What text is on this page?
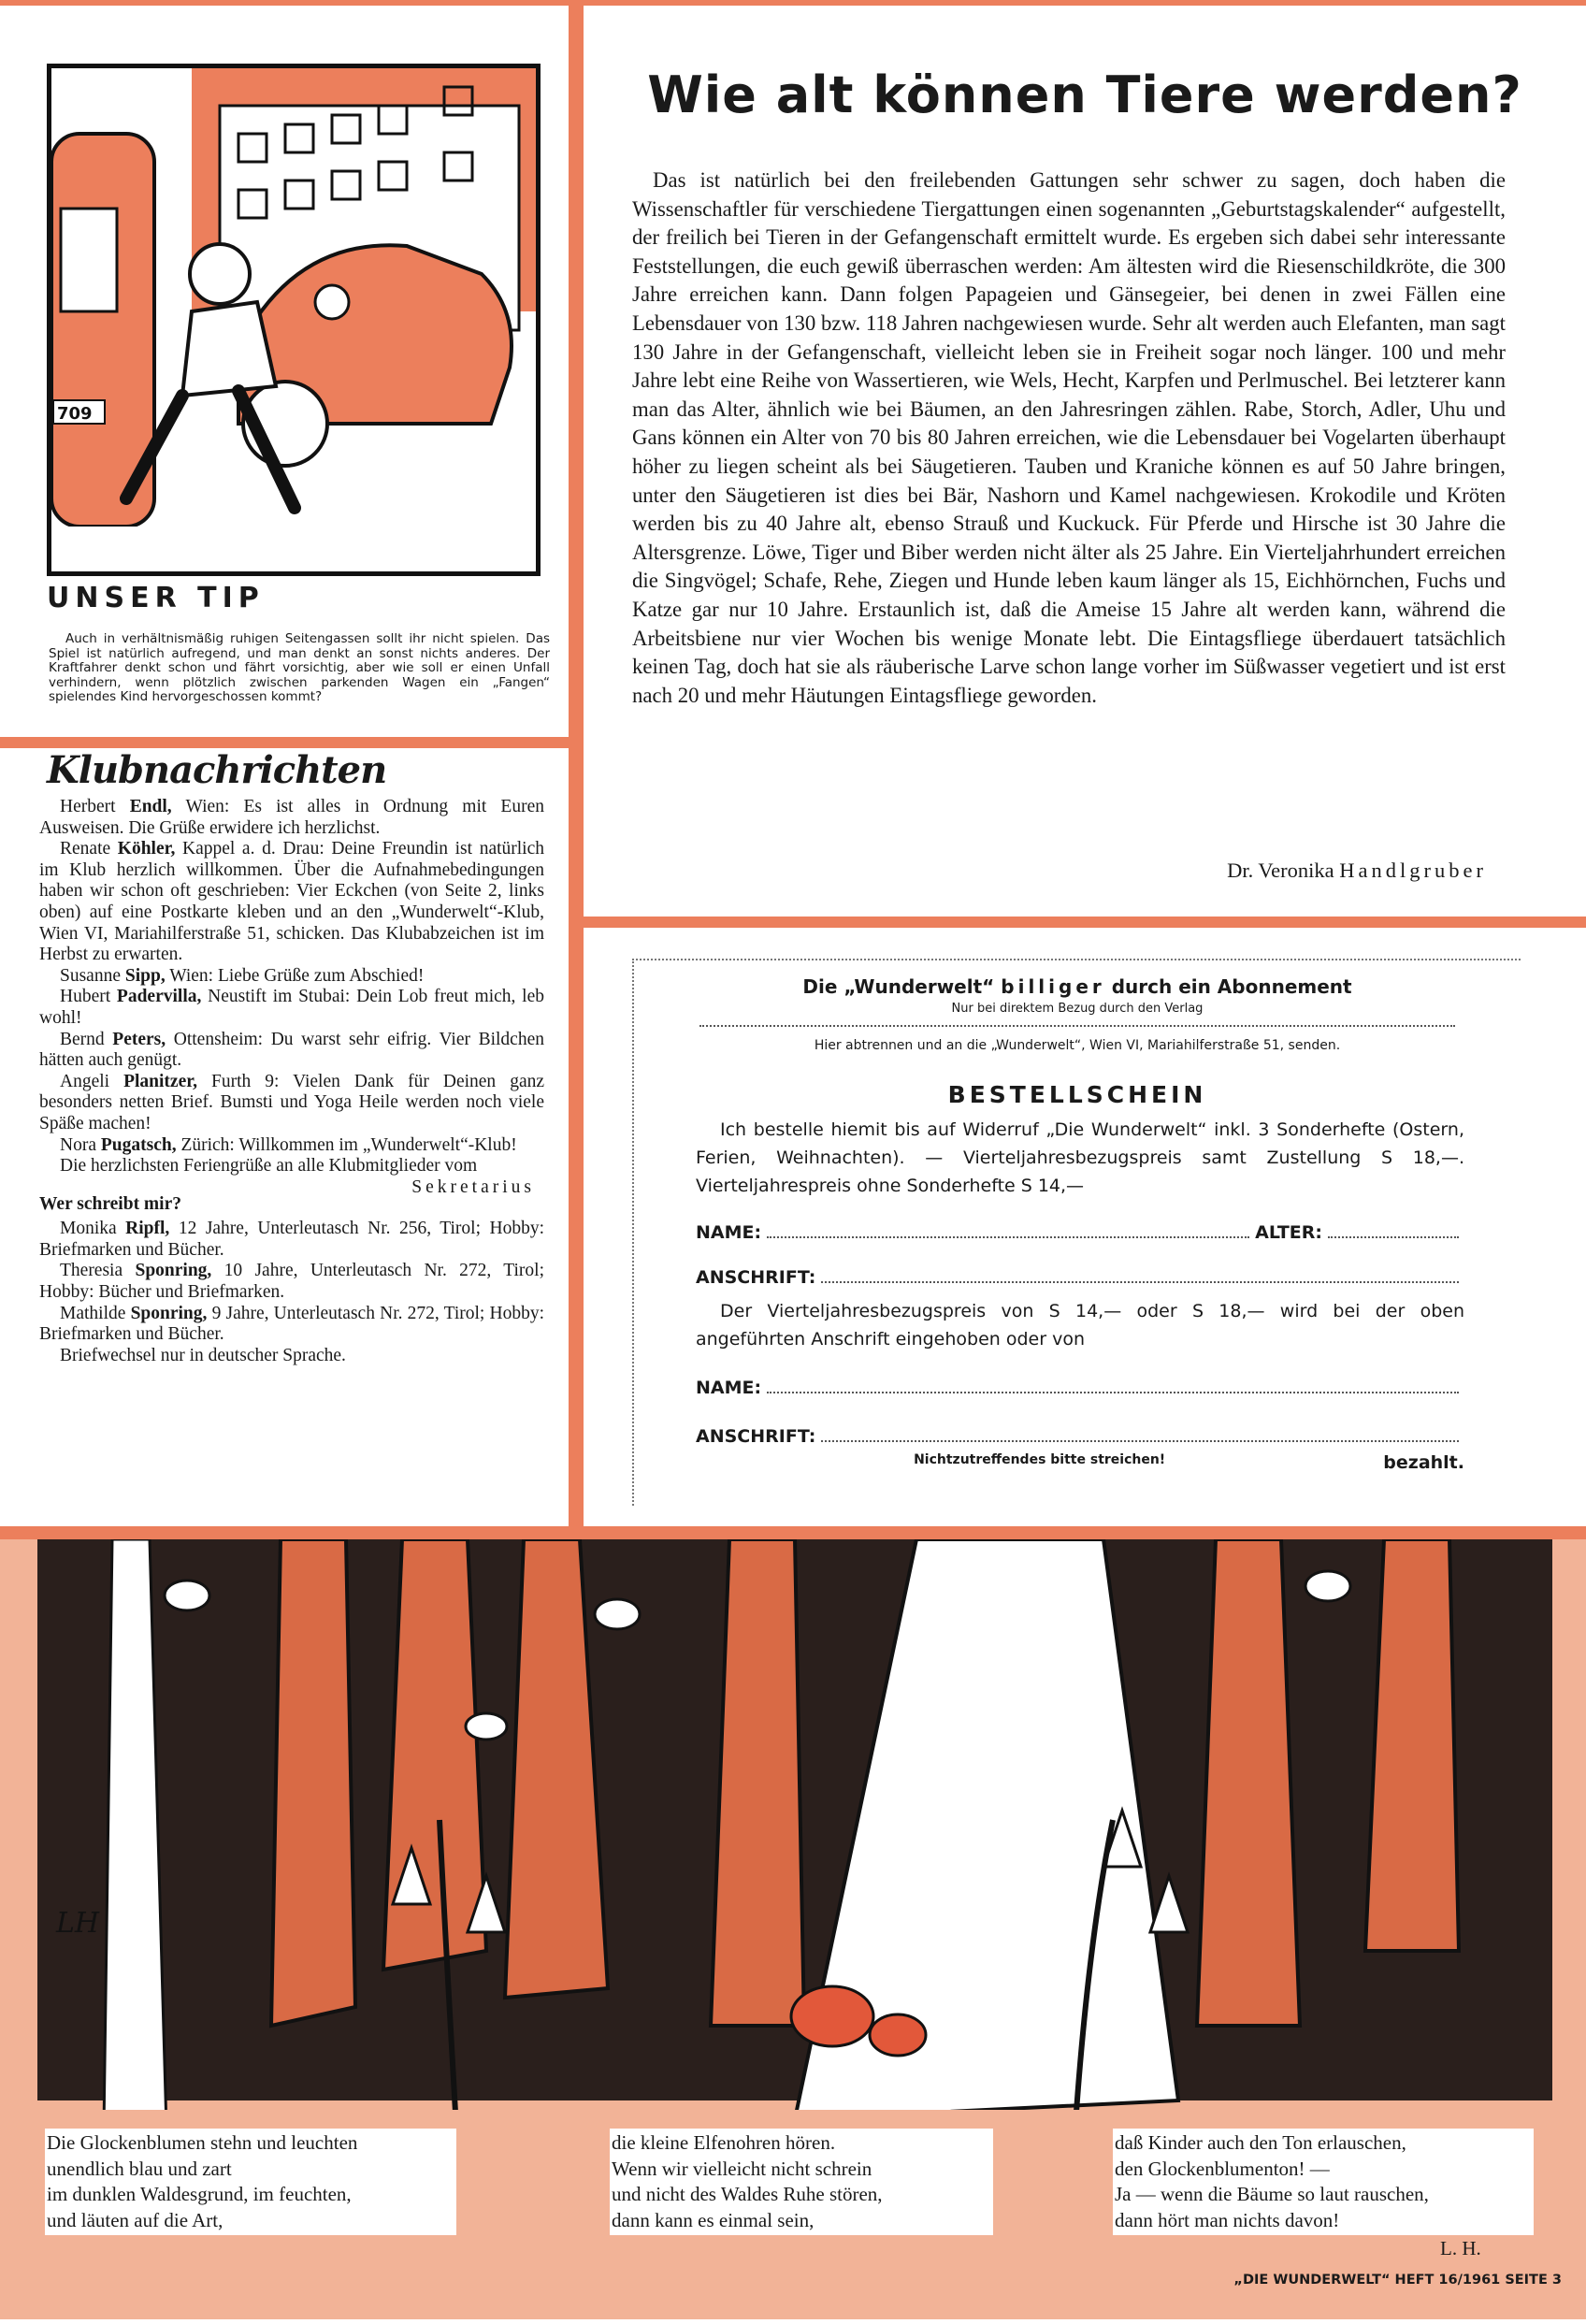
709
UNSER TIP
Auch in verhältnismäßig ruhigen Seitengassen sollt ihr nicht spielen. Das Spiel ist natürlich aufregend, und man denkt an sonst nichts anderes. Der Kraftfahrer denkt schon und fährt vorsichtig, aber wie soll er einen Unfall verhindern, wenn plötzlich zwischen parkenden Wagen ein „Fangen“ spielendes Kind hervorgeschossen kommt?
Klubnachrichten

Herbert Endl, Wien: Es ist alles in Ordnung mit Euren Ausweisen. Die Grüße erwidere ich herzlichst.

Renate Köhler, Kappel a. d. Drau: Deine Freundin ist natürlich im Klub herzlich willkommen. Über die Aufnahmebedingungen haben wir schon oft geschrieben: Vier Eckchen (von Seite 2, links oben) auf eine Postkarte kleben und an den „Wunderwelt“-Klub, Wien VI, Mariahilferstraße 51, schicken. Das Klubabzeichen ist im Herbst zu erwarten.

Susanne Sipp, Wien: Liebe Grüße zum Abschied!

Hubert Padervilla, Neustift im Stubai: Dein Lob freut mich, leb wohl!

Bernd Peters, Ottensheim: Du warst sehr eifrig. Vier Bildchen hätten auch genügt.

Angeli Planitzer, Furth 9: Vielen Dank für Deinen ganz besonders netten Brief. Bumsti und Yoga Heile werden noch viele Späße machen!

Nora Pugatsch, Zürich: Willkommen im „Wunderwelt“-Klub!

Die herzlichsten Feriengrüße an alle Klubmitglieder vom
Sekretarius

Wer schreibt mir?

Monika Ripfl, 12 Jahre, Unterleutasch Nr. 256, Tirol; Hobby: Briefmarken und Bücher.

Theresia Sponring, 10 Jahre, Unterleutasch Nr. 272, Tirol; Hobby: Bücher und Briefmarken.

Mathilde Sponring, 9 Jahre, Unterleutasch Nr. 272, Tirol; Hobby: Briefmarken und Bücher.

Briefwechsel nur in deutscher Sprache.

Wie alt können Tiere werden?
Das ist natürlich bei den freilebenden Gattungen sehr schwer zu sagen, doch haben die Wissenschaftler für verschiedene Tiergattungen einen sogenannten „Geburtstagskalender“ aufgestellt, der freilich bei Tieren in der Gefangenschaft ermittelt wurde. Es ergeben sich dabei sehr interessante Feststellungen, die euch gewiß überraschen werden: Am ältesten wird die Riesenschildkröte, die 300 Jahre erreichen kann. Dann folgen Papageien und Gänsegeier, bei denen in zwei Fällen eine Lebensdauer von 130 bzw. 118 Jahren nachgewiesen wurde. Sehr alt werden auch Elefanten, man sagt 130 Jahre in der Gefangenschaft, vielleicht leben sie in Freiheit sogar noch länger. 100 und mehr Jahre lebt eine Reihe von Wassertieren, wie Wels, Hecht, Karpfen und Perlmuschel. Bei letzterer kann man das Alter, ähnlich wie bei Bäumen, an den Jahresringen zählen. Rabe, Storch, Adler, Uhu und Gans können ein Alter von 70 bis 80 Jahren erreichen, wie die Lebensdauer bei Vogelarten überhaupt höher zu liegen scheint als bei Säugetieren. Tauben und Kraniche können es auf 50 Jahre bringen, unter den Säugetieren ist dies bei Bär, Nashorn und Kamel nachgewiesen. Krokodile und Kröten werden bis zu 40 Jahre alt, ebenso Strauß und Kuckuck. Für Pferde und Hirsche ist 30 Jahre die Altersgrenze. Löwe, Tiger und Biber werden nicht älter als 25 Jahre. Ein Vierteljahrhundert erreichen die Singvögel; Schafe, Rehe, Ziegen und Hunde leben kaum länger als 15, Eichhörnchen, Fuchs und Katze gar nur 10 Jahre. Erstaunlich ist, daß die Ameise 15 Jahre alt werden kann, während die Arbeitsbiene nur vier Wochen bis wenige Monate lebt. Die Eintagsfliege überdauert tatsächlich keinen Tag, doch hat sie als räuberische Larve schon lange vorher im Süßwasser vegetiert und ist erst nach 20 und mehr Häutungen Eintagsfliege geworden.
Dr. Veronika Handlgruber
Die „Wunderwelt“ billiger durch ein Abonnement
Nur bei direktem Bezug durch den Verlag
Hier abtrennen und an die „Wunderwelt“, Wien VI, Mariahilferstraße 51, senden.
BESTELLSCHEIN
Ich bestelle hiemit bis auf Widerruf „Die Wunderwelt“ inkl. 3 Sonderhefte (Ostern, Ferien, Weihnachten). — Vierteljahresbezugspreis samt Zustellung S 18,—. Vierteljahrespreis ohne Sonderhefte S 14,—
NAME:	ALTER:
ANSCHRIFT:
Der Vierteljahresbezugspreis von S 14,— oder S 18,— wird bei der oben angeführten Anschrift eingehoben oder von
NAME:
ANSCHRIFT:
Nichtzutreffendes bitte streichen!	bezahlt.
LH
Die Glockenblumen stehn und leuchten
unendlich blau und zart
im dunklen Waldesgrund, im feuchten,
und läuten auf die Art,
die kleine Elfenohren hören.
Wenn wir vielleicht nicht schrein
und nicht des Waldes Ruhe stören,
dann kann es einmal sein,
daß Kinder auch den Ton erlauschen,
den Glockenblumenton! —
Ja — wenn die Bäume so laut rauschen,
dann hört man nichts davon!
L. H.
„DIE WUNDERWELT“ HEFT 16/1961 SEITE 3
